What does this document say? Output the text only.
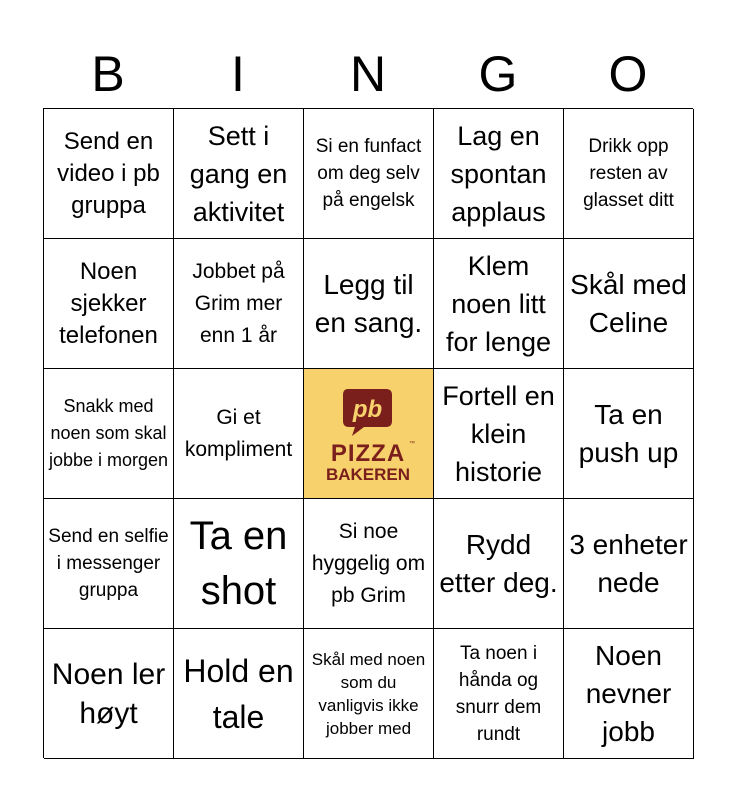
B	I	N	G	O
Send en video i pb gruppa
Sett i gang en aktivitet
Si en funfact om deg selv på engelsk
Lag en spontan applaus
Drikk opp resten av glasset ditt
Noen sjekker telefonen
Jobbet på Grim mer enn 1 år
Legg til en sang.
Klem noen litt for lenge
Skål med Celine
Snakk med noen som skal jobbe i morgen
Gi et kompliment
pb
PIZZA ™
BAKEREN
Fortell en klein historie
Ta en push up
Send en selfie i messenger gruppa
Ta en shot
Si noe hyggelig om pb Grim
Rydd etter deg.
3 enheter nede
Noen ler høyt
Hold en tale
Skål med noen som du vanligvis ikke jobber med
Ta noen i hånda og snurr dem rundt
Noen nevner jobb
